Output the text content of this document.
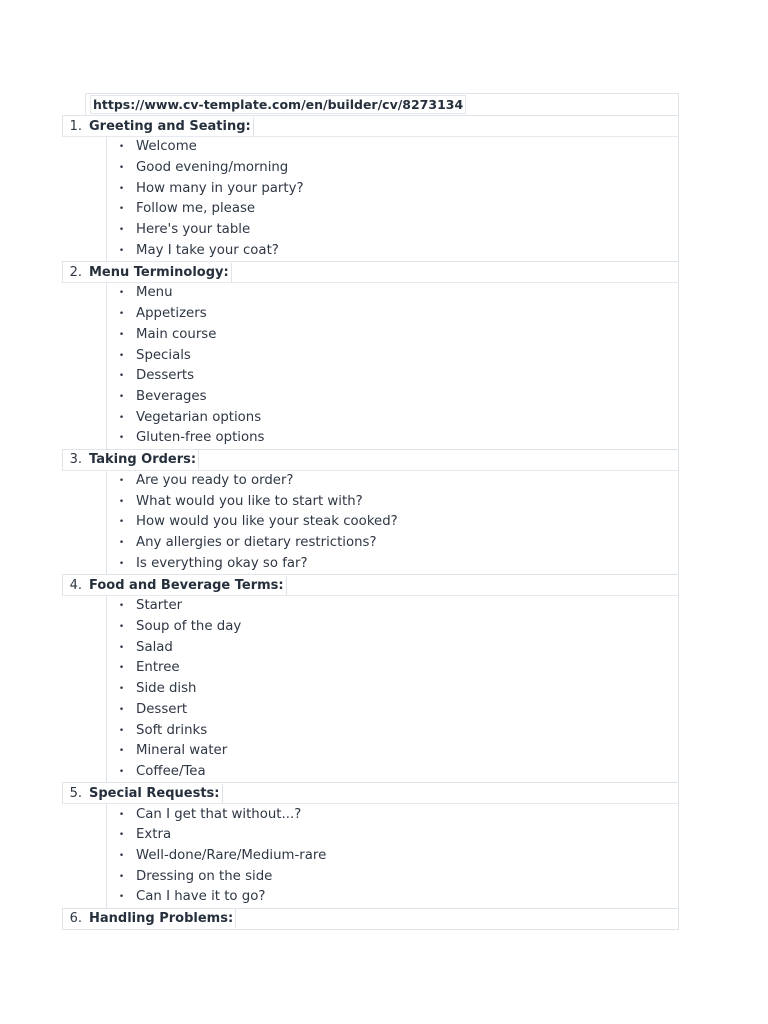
https://www.cv-template.com/en/builder/cv/8273134
1. Greeting and Seating:
• Welcome
• Good evening/morning
• How many in your party?
• Follow me, please
• Here's your table
• May I take your coat?
2. Menu Terminology:
• Menu
• Appetizers
• Main course
• Specials
• Desserts
• Beverages
• Vegetarian options
• Gluten-free options
3. Taking Orders:
• Are you ready to order?
• What would you like to start with?
• How would you like your steak cooked?
• Any allergies or dietary restrictions?
• Is everything okay so far?
4. Food and Beverage Terms:
• Starter
• Soup of the day
• Salad
• Entree
• Side dish
• Dessert
• Soft drinks
• Mineral water
• Coffee/Tea
5. Special Requests:
• Can I get that without...?
• Extra
• Well-done/Rare/Medium-rare
• Dressing on the side
• Can I have it to go?
6. Handling Problems:
